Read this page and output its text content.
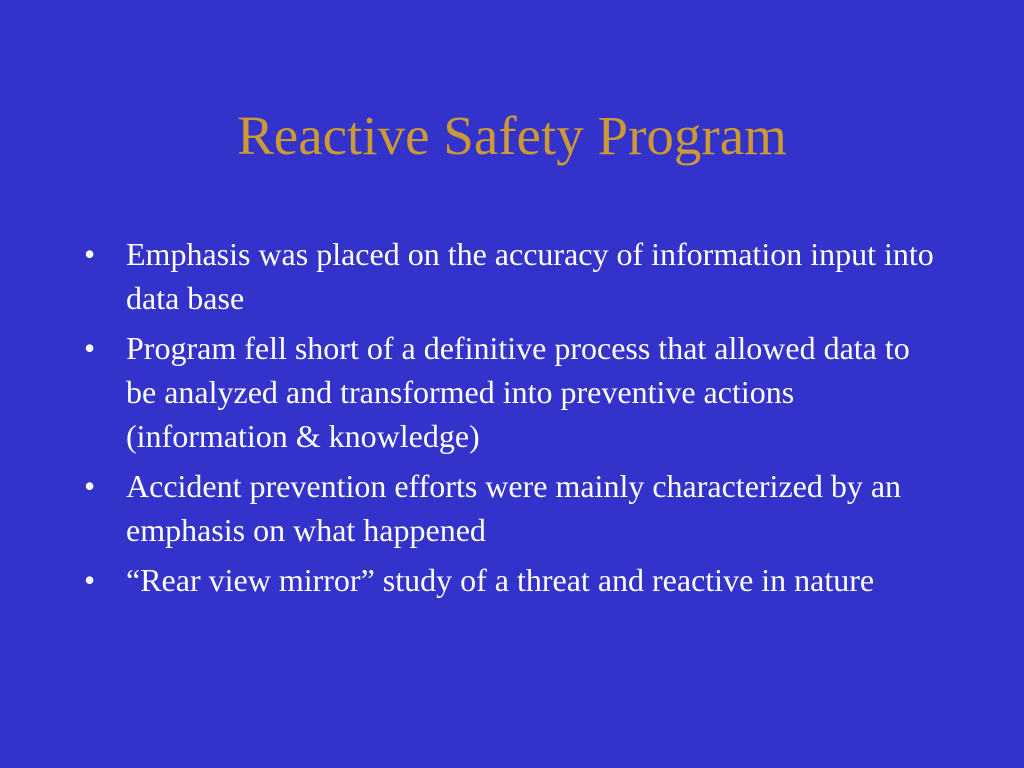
Reactive Safety Program
• Emphasis was placed on the accuracy of information input into data base
• Program fell short of a definitive process that allowed data to be analyzed and transformed into preventive actions (information & knowledge)
• Accident prevention efforts were mainly characterized by an emphasis on what happened
• “Rear view mirror” study of a threat and reactive in nature
